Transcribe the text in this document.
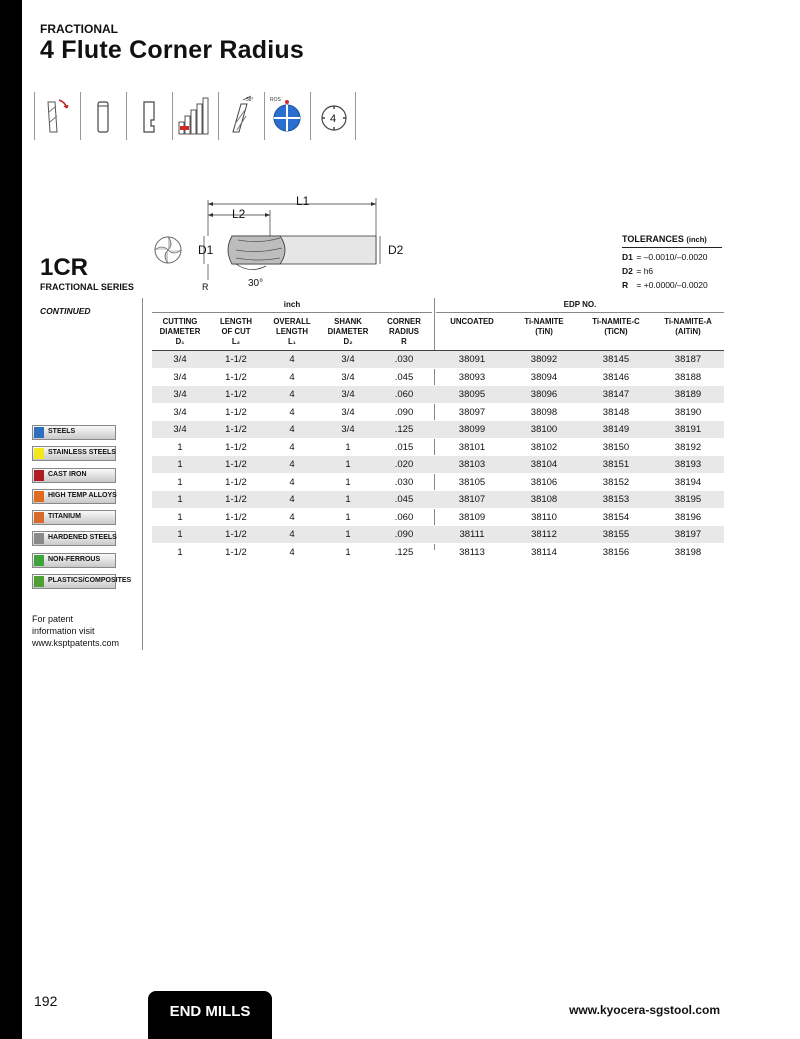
FRACTIONAL
4 Flute Corner Radius
38°	ROS
4
L1
L2
D1	D2
R	30°
1CR
FRACTIONAL SERIES
TOLERANCES (inch)
D1 = –0.0010/–0.0020
D2 = h6
R = +0.0000/–0.0020
CONTINUED
inch	EDP NO.
CUTTING
DIAMETER
D₁
LENGTH
OF CUT
L₂
OVERALL
LENGTH
L₁
SHANK
DIAMETER
D₂
CORNER
RADIUS
R
UNCOATED	Ti-NAMITE
(TiN)
Ti-NAMITE-C
(TiCN)
Ti-NAMITE-A
(AlTiN)
3/4	1-1/2	4	3/4	.030	38091	38092	38145	38187
3/4	1-1/2	4	3/4	.045	38093	38094	38146	38188
3/4	1-1/2	4	3/4	.060	38095	38096	38147	38189
3/4	1-1/2	4	3/4	.090	38097	38098	38148	38190
3/4	1-1/2	4	3/4	.125	38099	38100	38149	38191
1	1-1/2	4	1	.015	38101	38102	38150	38192
1	1-1/2	4	1	.020	38103	38104	38151	38193
1	1-1/2	4	1	.030	38105	38106	38152	38194
1	1-1/2	4	1	.045	38107	38108	38153	38195
1	1-1/2	4	1	.060	38109	38110	38154	38196
1	1-1/2	4	1	.090	38111	38112	38155	38197
1	1-1/2	4	1	.125	38113	38114	38156	38198
STEELS
STAINLESS STEELS
CAST IRON
HIGH TEMP ALLOYS
TITANIUM
HARDENED STEELS
NON-FERROUS
PLASTICS/COMPOSITES
For patent
information visit
www.ksptpatents.com
192
END MILLS	www.kyocera-sgstool.com
